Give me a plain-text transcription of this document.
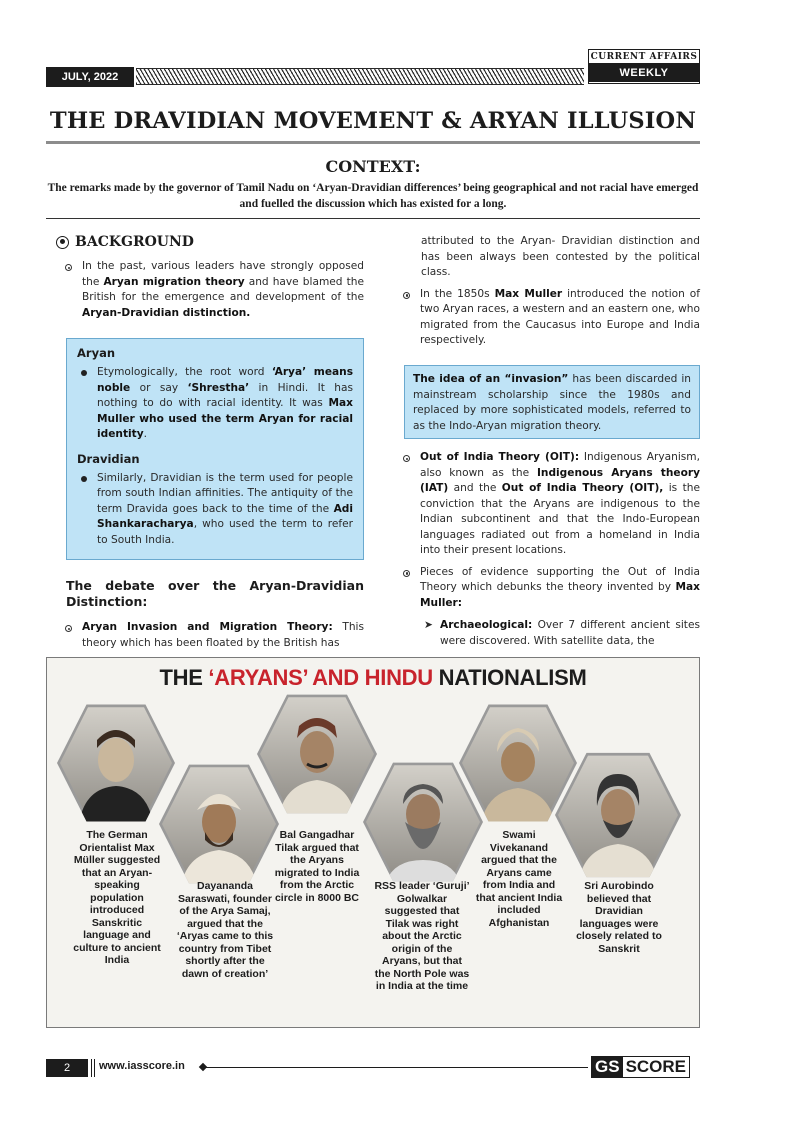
JULY, 2022
CURRENT AFFAIRS
WEEKLY
THE DRAVIDIAN MOVEMENT & ARYAN ILLUSION
CONTEXT:

The remarks made by the governor of Tamil Nadu on ‘Aryan-Dravidian differences’ being geographical and not racial have emerged and fuelled the discussion which has existed for a long.

BACKGROUND
In the past, various leaders have strongly opposed the Aryan migration theory and have blamed the British for the emergence and development of the Aryan-Dravidian distinction.
Aryan
Etymologically, the root word ‘Arya’ means noble or say ‘Shrestha’ in Hindi. It has nothing to do with racial identity. It was Max Muller who used the term Aryan for racial identity.
Dravidian
Similarly, Dravidian is the term used for people from south Indian affinities. The antiquity of the term Dravida goes back to the time of the Adi Shankaracharya, who used the term to refer to South India.
The debate over the Aryan-Dravidian Distinction:
Aryan Invasion and Migration Theory: This theory which has been floated by the British has

attributed to the Aryan- Dravidian distinction and has been always been contested by the political class.

In the 1850s Max Muller introduced the notion of two Aryan races, a western and an eastern one, who migrated from the Caucasus into Europe and India respectively.

The idea of an “invasion” has been discarded in mainstream scholarship since the 1980s and replaced by more sophisticated models, referred to as the Indo-Aryan migration theory.

Out of India Theory (OIT): Indigenous Aryanism, also known as the Indigenous Aryans theory (IAT) and the Out of India Theory (OIT), is the conviction that the Aryans are indigenous to the Indian subcontinent and that the Indo-European languages radiated out from a homeland in India into their present locations.
Pieces of evidence supporting the Out of India Theory which debunks the theory invented by Max Muller:
➤ Archaeological: Over 7 different ancient sites were discovered. With satellite data, the
THE ‘ARYANS’ AND HINDU NATIONALISM
The German Orientalist Max Müller suggested that an Aryan-speaking population introduced Sanskritic language and culture to ancient India
Dayananda Saraswati, founder of the Arya Samaj, argued that the ‘Aryas came to this country from Tibet shortly after the dawn of creation’
Bal Gangadhar Tilak argued that the Aryans migrated to India from the Arctic circle in 8000 BC
RSS leader ‘Guruji’ Golwalkar suggested that Tilak was right about the Arctic origin of the Aryans, but that the North Pole was in India at the time
Swami Vivekanand argued that the Aryans came from India and that ancient India included Afghanistan
Sri Aurobindo believed that Dravidian languages were closely related to Sanskrit
2	www.iasscore.in	GS SCORE
